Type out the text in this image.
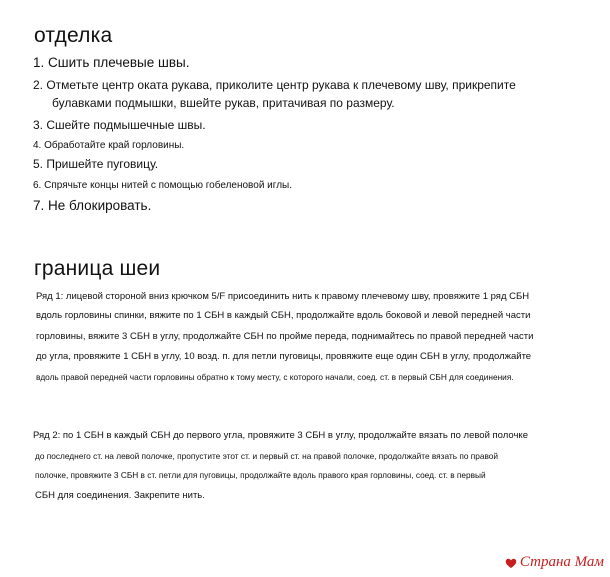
отделка

1. Сшить плечевые швы.

2. Отметьте центр оката рукава, приколите центр рукава к плечевому шву, прикрепите

булавками подмышки, вшейте рукав, притачивая по размеру.

3. Сшейте подмышечные швы.

4. Обработайте край горловины.

5. Пришейте пуговицу.

6. Спрячьте концы нитей с помощью гобеленовой иглы.

7. Не блокировать.

граница шеи

Ряд 1: лицевой стороной вниз крючком 5/F присоединить нить к правому плечевому шву, провяжите 1 ряд СБН

вдоль горловины спинки, вяжите по 1 СБН в каждый СБН, продолжайте вдоль боковой и левой передней части

горловины, вяжите 3 СБН в углу, продолжайте СБН по пройме переда, поднимайтесь по правой передней части

до угла, провяжите 1 СБН в углу, 10 возд. п. для петли пуговицы, провяжите еще один СБН в углу, продолжайте

вдоль правой передней части горловины обратно к тому месту, с которого начали, соед. ст. в первый СБН для соединения.

Ряд 2: по 1 СБН в каждый СБН до первого угла, провяжите 3 СБН в углу, продолжайте вязать по левой полочке

до последнего ст. на левой полочке, пропустите этот ст. и первый ст. на правой полочке, продолжайте вязать по правой

полочке, провяжите 3 СБН в ст. петли для пуговицы, продолжайте вдоль правого края горловины, соед. ст. в первый

СБН для соединения. Закрепите нить.

Страна Мам
